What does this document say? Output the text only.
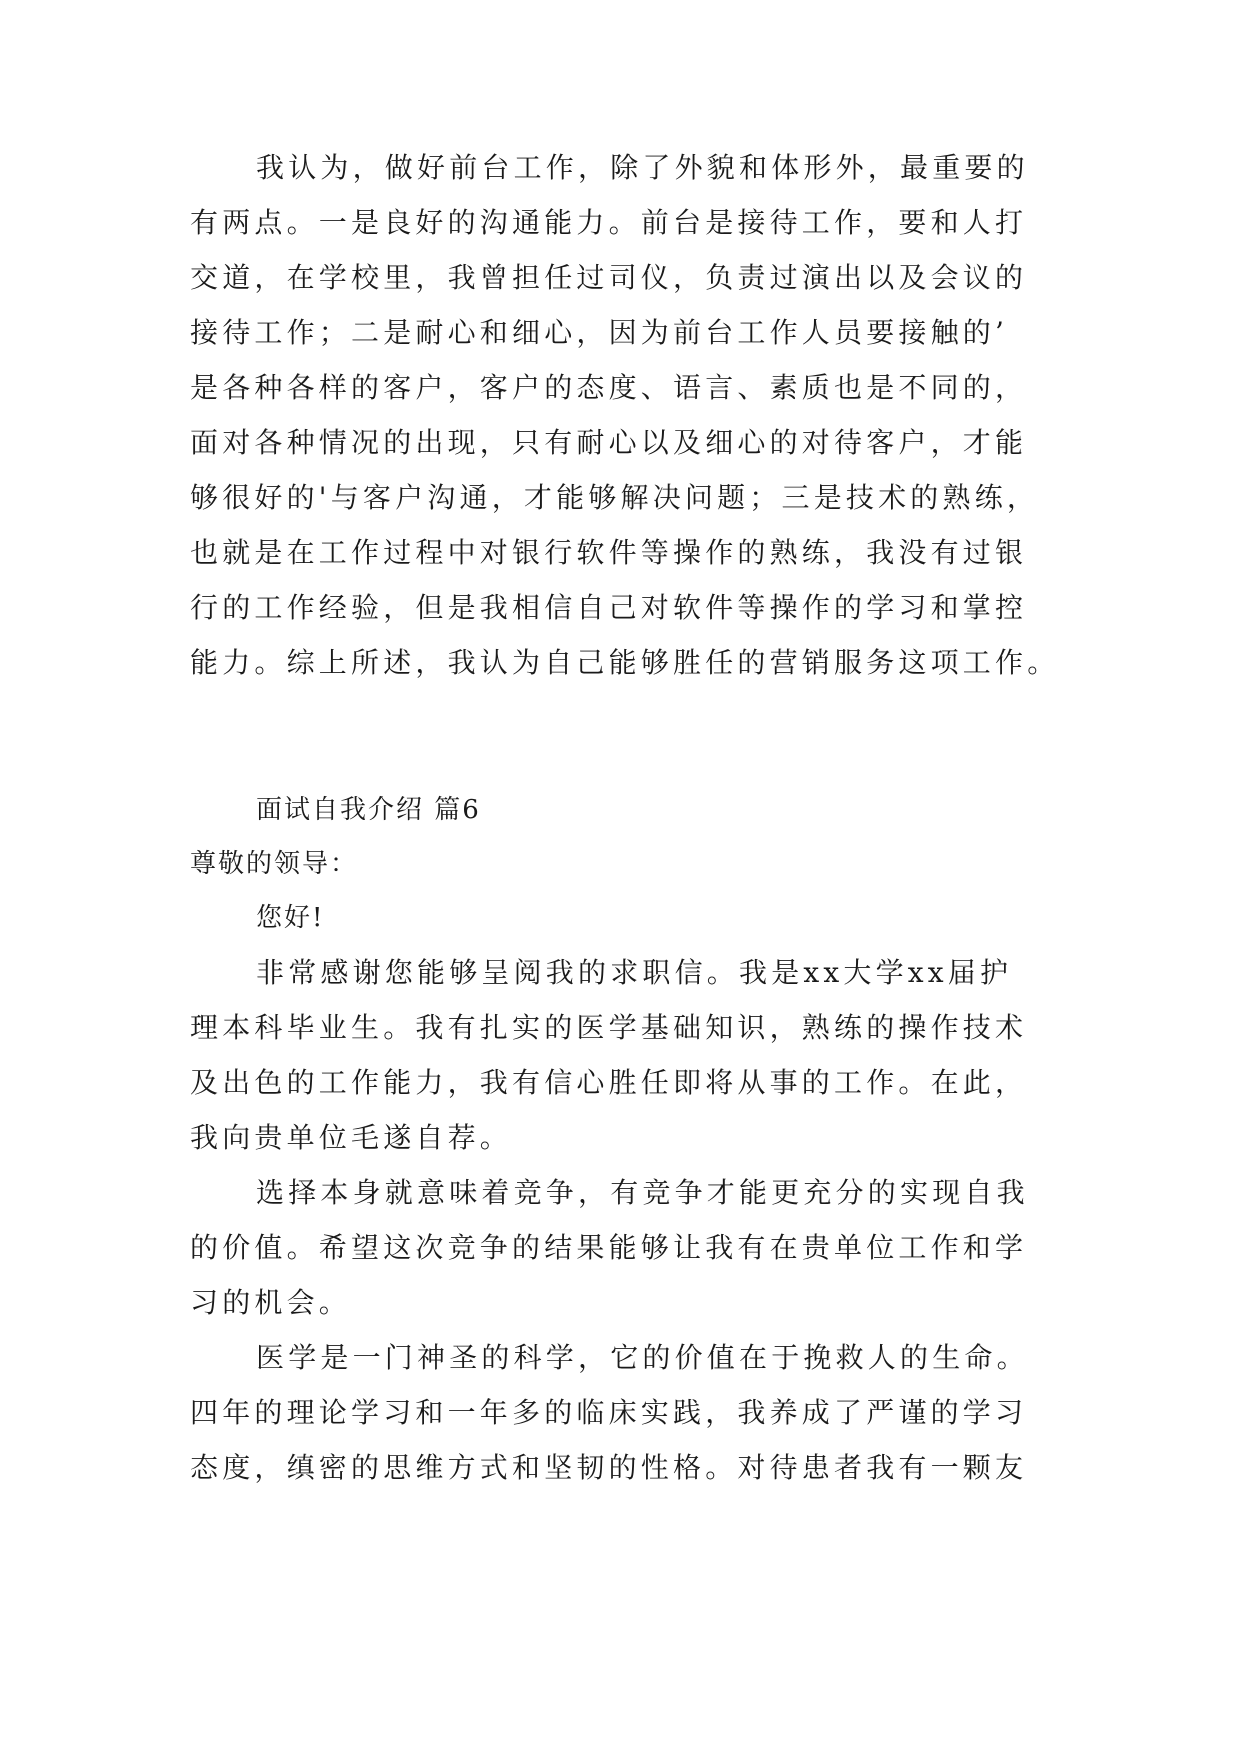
我认为，做好前台工作，除了外貌和体形外，最重要的
有两点。一是良好的沟通能力。前台是接待工作，要和人打
交道，在学校里，我曾担任过司仪，负责过演出以及会议的
接待工作；二是耐心和细心，因为前台工作人员要接触的’
是各种各样的客户，客户的态度、语言、素质也是不同的，
面对各种情况的出现，只有耐心以及细心的对待客户，才能
够很好的'与客户沟通，才能够解决问题；三是技术的熟练，
也就是在工作过程中对银行软件等操作的熟练，我没有过银
行的工作经验，但是我相信自己对软件等操作的学习和掌控
能力。综上所述，我认为自己能够胜任的营销服务这项工作。
面试自我介绍 篇6
尊敬的领导：
您好!
非常感谢您能够呈阅我的求职信。我是xx大学xx届护
理本科毕业生。我有扎实的医学基础知识，熟练的操作技术
及出色的工作能力，我有信心胜任即将从事的工作。在此，
我向贵单位毛遂自荐。
选择本身就意味着竞争，有竞争才能更充分的实现自我
的价值。希望这次竞争的结果能够让我有在贵单位工作和学
习的机会。
医学是一门神圣的科学，它的价值在于挽救人的生命。
四年的理论学习和一年多的临床实践，我养成了严谨的学习
态度，缜密的思维方式和坚韧的性格。对待患者我有一颗友
